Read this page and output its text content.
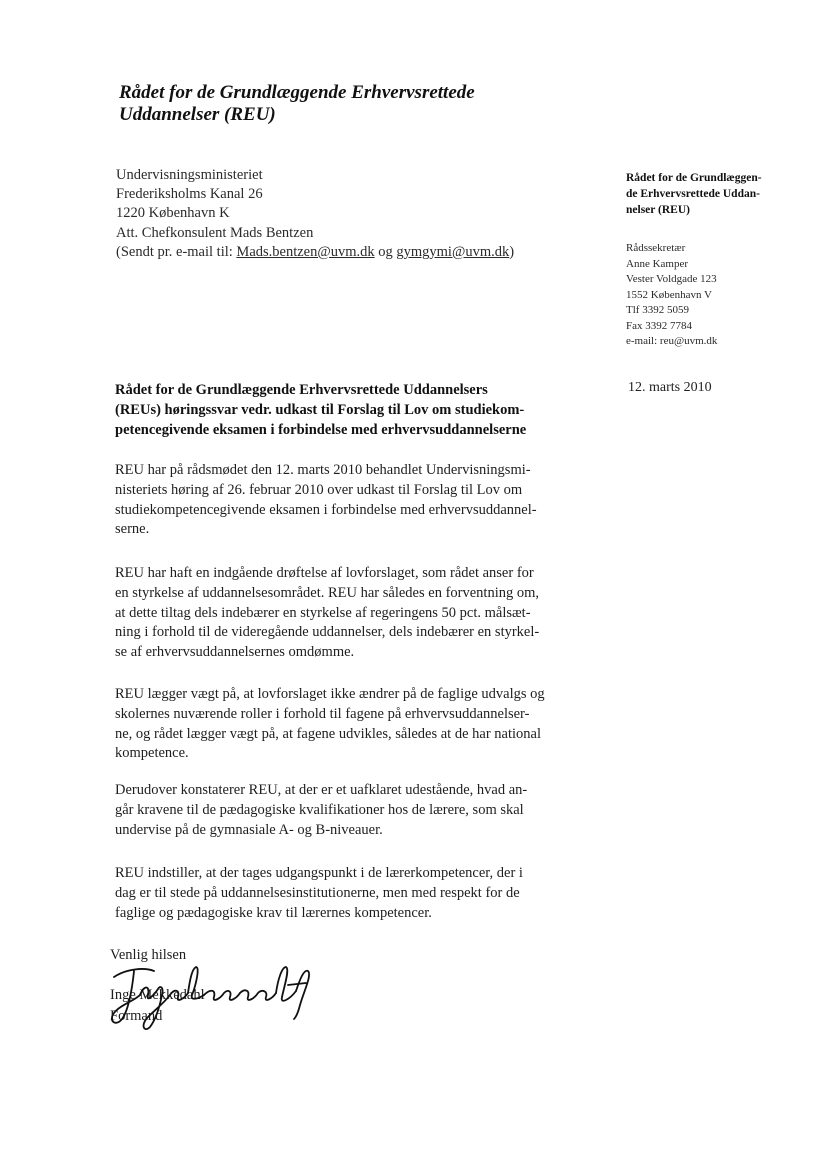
Rådet for de Grundlæggende Erhvervsrettede
Uddannelser (REU)
Undervisningsministeriet
Frederiksholms Kanal 26
1220 København K
Att. Chefkonsulent Mads Bentzen
(Sendt pr. e-mail til: Mads.bentzen@uvm.dk og gymgymi@uvm.dk)
Rådet for de Grundlæggen-
de Erhvervsrettede Uddan-
nelser (REU)
Rådssekretær
Anne Kamper
Vester Voldgade 123
1552 København V
Tlf 3392 5059
Fax 3392 7784
e-mail: reu@uvm.dk
12. marts 2010
Rådet for de Grundlæggende Erhvervsrettede Uddannelsers
(REUs) høringssvar vedr. udkast til Forslag til Lov om studiekom-
petencegivende eksamen i forbindelse med erhvervsuddannelserne
REU har på rådsmødet den 12. marts 2010 behandlet Undervisningsmi-
nisteriets høring af 26. februar 2010 over udkast til Forslag til Lov om
studiekompetencegivende eksamen i forbindelse med erhvervsuddannel-
serne.
REU har haft en indgående drøftelse af lovforslaget, som rådet anser for
en styrkelse af uddannelsesområdet. REU har således en forventning om,
at dette tiltag dels indebærer en styrkelse af regeringens 50 pct. målsæt-
ning i forhold til de videregående uddannelser, dels indebærer en styrkel-
se af erhvervsuddannelsernes omdømme.
REU lægger vægt på, at lovforslaget ikke ændrer på de faglige udvalgs og
skolernes nuværende roller i forhold til fagene på erhvervsuddannelser-
ne, og rådet lægger vægt på, at fagene udvikles, således at de har national
kompetence.
Derudover konstaterer REU, at der er et uafklaret udestående, hvad an-
går kravene til de pædagogiske kvalifikationer hos de lærere, som skal
undervise på de gymnasiale A- og B-niveauer.
REU indstiller, at der tages udgangspunkt i de lærerkompetencer, der i
dag er til stede på uddannelsesinstitutionerne, men med respekt for de
faglige og pædagogiske krav til lærernes kompetencer.
Venlig hilsen
Inge Mekkedahl
Formand
